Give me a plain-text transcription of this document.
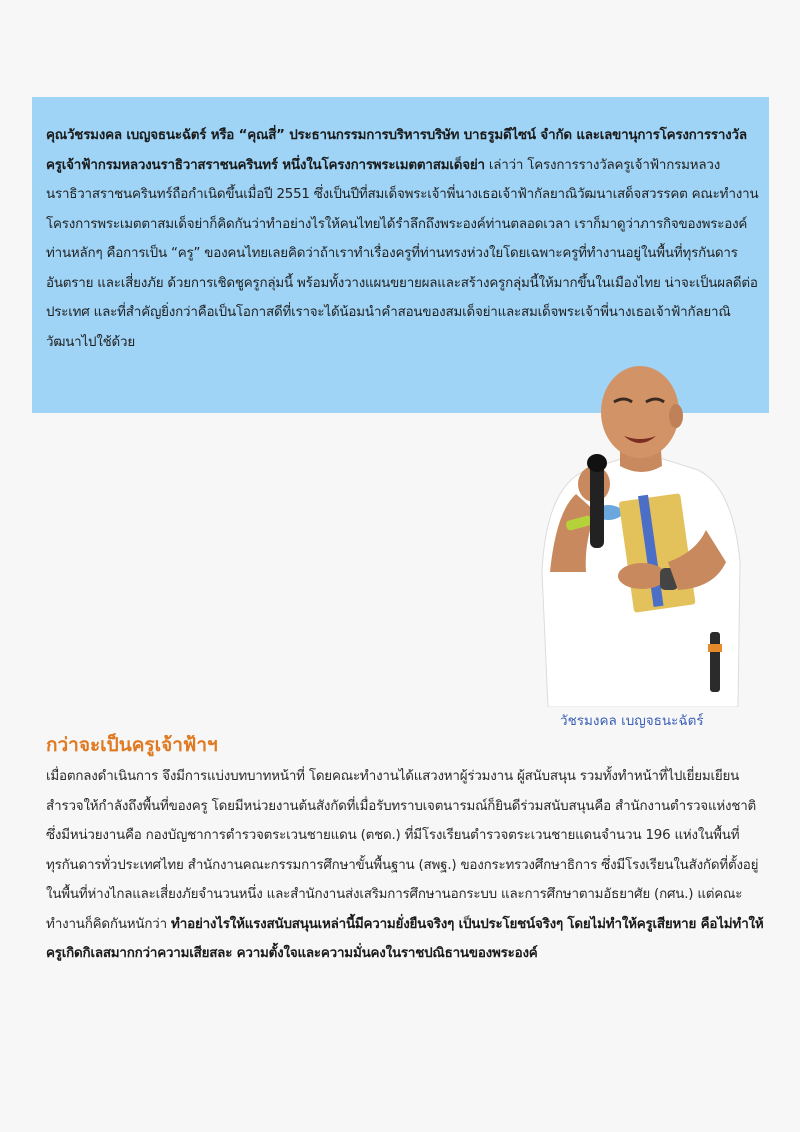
คุณวัชรมงคล เบญจธนะฉัตร์ หรือ “คุณสี่” ประธานกรรมการบริหารบริษัท บาธรูมดีไซน์ จำกัด และเลขานุการโครงการรางวัลครูเจ้าฟ้ากรมหลวงนราธิวาสราชนครินทร์ หนึ่งในโครงการพระเมตตาสมเด็จย่า เล่าว่า โครงการรางวัลครูเจ้าฟ้ากรมหลวงนราธิวาสราชนครินทร์ถือกำเนิดขึ้นเมื่อปี 2551 ซึ่งเป็นปีที่สมเด็จพระเจ้าพี่นางเธอเจ้าฟ้ากัลยาณิวัฒนาเสด็จสวรรคต คณะทำงานโครงการพระเมตตาสมเด็จย่าก็คิดกันว่าทำอย่างไรให้คนไทยได้รำลึกถึงพระองค์ท่านตลอดเวลา เราก็มาดูว่าภารกิจของพระองค์ท่านหลักๆ คือการเป็น “ครู” ของคนไทยเลยคิดว่าถ้าเราทำเรื่องครูที่ท่านทรงห่วงใยโดยเฉพาะครูที่ทำงานอยู่ในพื้นที่ทุรกันดาร อันตราย และเสี่ยงภัย ด้วยการเชิดชูครูกลุ่มนี้ พร้อมทั้งวางแผนขยายผลและสร้างครูกลุ่มนี้ให้มากขึ้นในเมืองไทย น่าจะเป็นผลดีต่อประเทศ และที่สำคัญยิ่งกว่าคือเป็นโอกาสดีที่เราจะได้น้อมนำคำสอนของสมเด็จย่าและสมเด็จพระเจ้าพี่นางเธอเจ้าฟ้ากัลยาณิวัฒนาไปใช้ด้วย

วัชรมงคล เบญจธนะฉัตร์
กว่าจะเป็นครูเจ้าฟ้าฯ

เมื่อตกลงดำเนินการ จึงมีการแบ่งบทบาทหน้าที่ โดยคณะทำงานได้แสวงหาผู้ร่วมงาน ผู้สนับสนุน รวมทั้งทำหน้าที่ไปเยี่ยมเยียนสำรวจให้กำลังถึงพื้นที่ของครู โดยมีหน่วยงานต้นสังกัดที่เมื่อรับทราบเจตนารมณ์ก็ยินดีร่วมสนับสนุนคือ สำนักงานตำรวจแห่งชาติ ซึ่งมีหน่วยงานคือ กองบัญชาการตำรวจตระเวนชายแดน (ตชด.) ที่มีโรงเรียนตำรวจตระเวนชายแดนจำนวน 196 แห่งในพื้นที่ทุรกันดารทั่วประเทศไทย สำนักงานคณะกรรมการศึกษาขั้นพื้นฐาน (สพฐ.) ของกระทรวงศึกษาธิการ ซึ่งมีโรงเรียนในสังกัดที่ตั้งอยู่ในพื้นที่ห่างไกลและเสี่ยงภัยจำนวนหนึ่ง และสำนักงานส่งเสริมการศึกษานอกระบบ และการศึกษาตามอัธยาศัย (กศน.) แต่คณะทำงานก็คิดกันหนักว่า ทำอย่างไรให้แรงสนับสนุนเหล่านี้มีความยั่งยืนจริงๆ เป็นประโยชน์จริงๆ โดยไม่ทำให้ครูเสียหาย คือไม่ทำให้ครูเกิดกิเลสมากกว่าความเสียสละ ความตั้งใจและความมั่นคงในราชปณิธานของพระองค์
